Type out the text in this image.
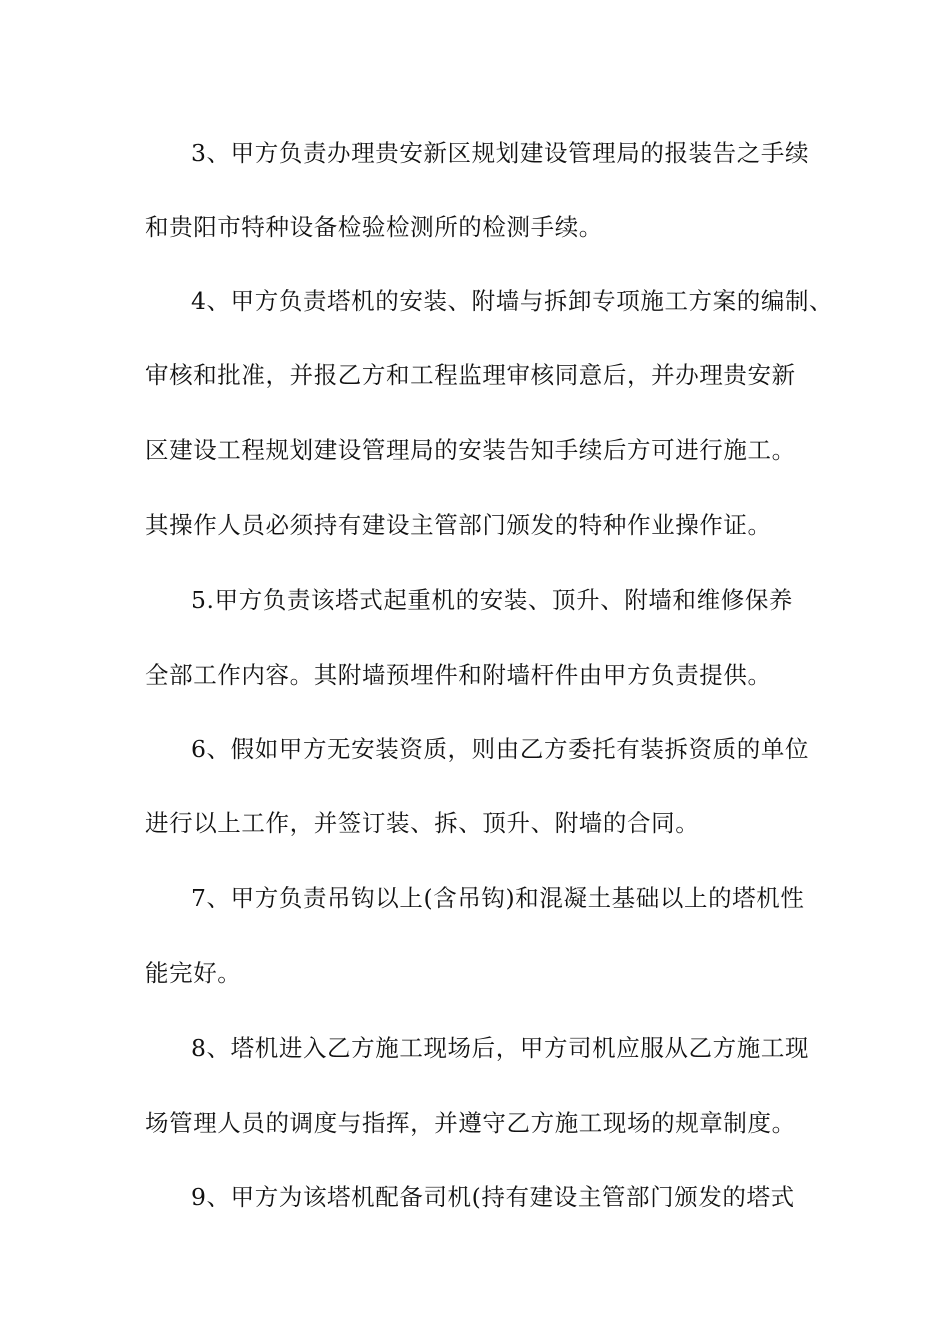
3、甲方负责办理贵安新区规划建设管理局的报装告之手续
和贵阳市特种设备检验检测所的检测手续。
4、甲方负责塔机的安装、附墙与拆卸专项施工方案的编制、
审核和批准，并报乙方和工程监理审核同意后，并办理贵安新
区建设工程规划建设管理局的安装告知手续后方可进行施工。
其操作人员必须持有建设主管部门颁发的特种作业操作证。
5.甲方负责该塔式起重机的安装、顶升、附墙和维修保养
全部工作内容。其附墙预埋件和附墙杆件由甲方负责提供。
6、假如甲方无安装资质，则由乙方委托有装拆资质的单位
进行以上工作，并签订装、拆、顶升、附墙的合同。
7、甲方负责吊钩以上(含吊钩)和混凝土基础以上的塔机性
能完好。
8、塔机进入乙方施工现场后，甲方司机应服从乙方施工现
场管理人员的调度与指挥，并遵守乙方施工现场的规章制度。
9、甲方为该塔机配备司机(持有建设主管部门颁发的塔式
